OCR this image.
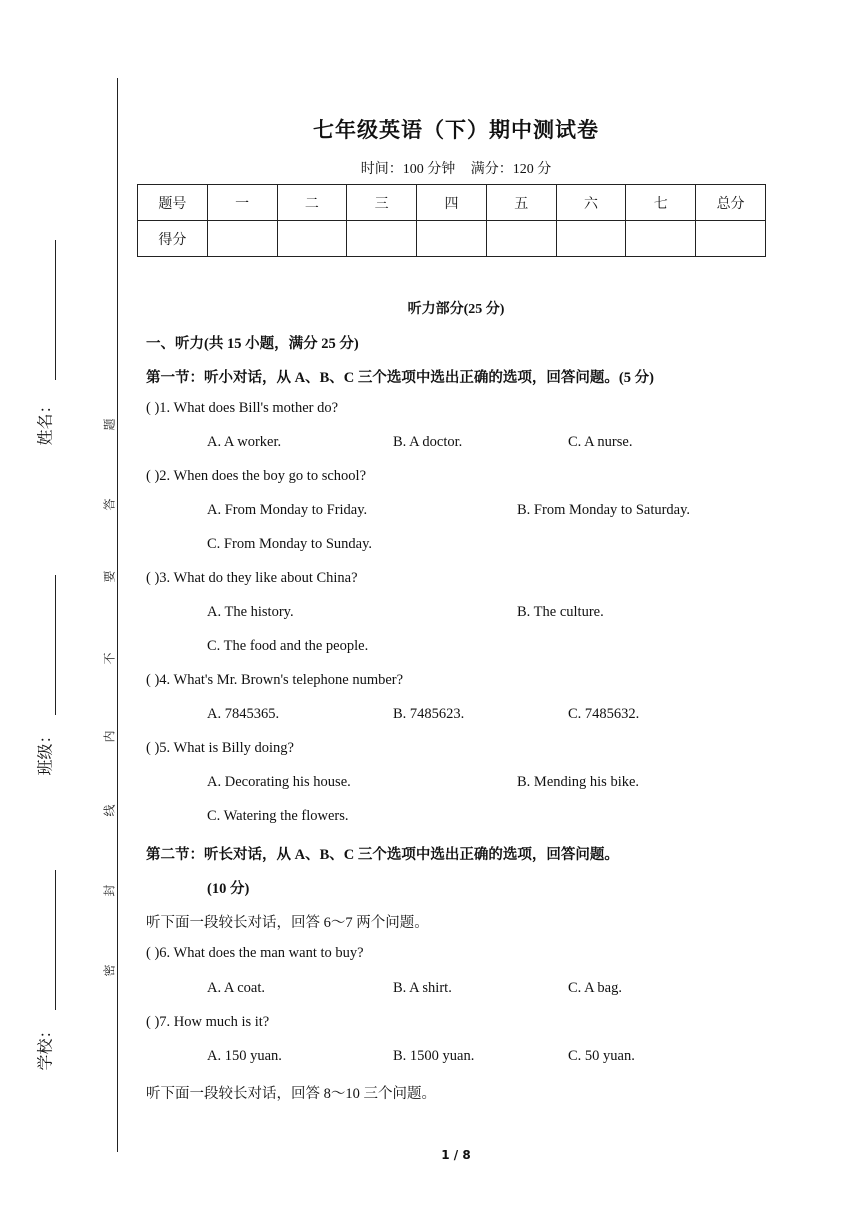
姓名：
班级：
学校：
题
答
要
不
内
线
封
密
七年级英语（下）期中测试卷
时间：100 分钟 满分：120 分
题号	一	二	三	四	五	六	七	总分
得分								
听力部分(25 分)
一、听力(共 15 小题，满分 25 分)
第一节：听小对话，从 A、B、C 三个选项中选出正确的选项，回答问题。(5 分)
( )1. What does Bill's mother do?
A. A worker.	B. A doctor.	C. A nurse.
( )2. When does the boy go to school?
A. From Monday to Friday.	B. From Monday to Saturday.
C. From Monday to Sunday.
( )3. What do they like about China?
A. The history.	B. The culture.
C. The food and the people.
( )4. What's Mr. Brown's telephone number?
A. 7845365.	B. 7485623.	C. 7485632.
( )5. What is Billy doing?
A. Decorating his house.	B. Mending his bike.
C. Watering the flowers.
第二节：听长对话，从 A、B、C 三个选项中选出正确的选项，回答问题。
(10 分)
听下面一段较长对话，回答 6～7 两个问题。
( )6. What does the man want to buy?
A. A coat.	B. A shirt.	C. A bag.
( )7. How much is it?
A. 150 yuan.	B. 1500 yuan.	C. 50 yuan.
听下面一段较长对话，回答 8～10 三个问题。
1 / 8
